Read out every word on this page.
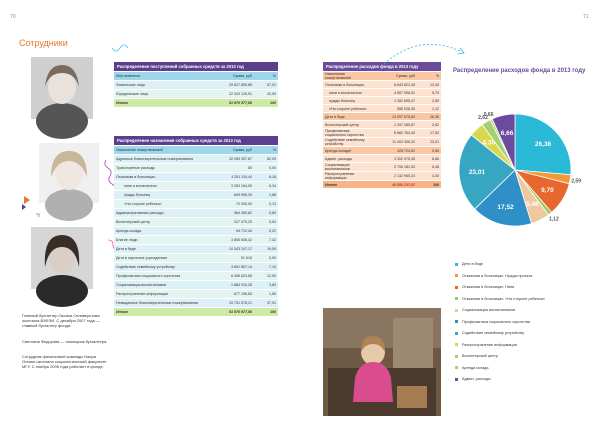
70	71
Сотрудники
Главный бухгалтер Оксана Селиверстова окончила ВЗФЭИ. С декабря 2007 года — главный бухгалтер фонда.
Светлана Федорова — помощник бухгалтера.
Сотрудник финансовой команды Наира Оганян окончила социологический факультет МГУ. С ноября 2008 года работает в фонде.
Распределение поступлений собранных средств за 2013 год		
Жертвователи	Сумма, руб	%
Физические лица	29 627 850,85	57,01
Юридические лица	22 343 126,91	42,99
Итого	51 970 977,88	100
Распределение назначения собранных средств за 2013 год		
Назначение пожертвований	Сумма, руб	%
Адресные благотворительные пожертвования	32 269 397,67	62,09
Транспортные расходы	50	0,00
Отказники в больницах:	4 251 119,44	8,18
няни и воспитатели	3 283 164,05	6,34
нужды больниц	649 955,39	1,68
«На стороне ребенка»	70 000,00	0,13
Административные расходы	464 450,82	0,89
Волонтерский центр	327 070,25	0,63
Аренда склада	94 712,40	0,22
Благие люди	3 855 636,42	7,42
Дети в беде	10 343 247,17	19,09
Дети в сиротских учреждениях	51 515	0,00
Содействие семейному устройству	3 691 807,14	7,10
Профилактика социального сиротства	6 496 623,69	12,50
Социализация воспитанников	1 684 910,26	3,63
Распространение информации	677 196,63	1,69
Невыданные благотворительные пожертвования	19 701 578,21	37,91
Итого	51 970 977,88	100
Распределение расходов фонда в 2013 году		
Назначение пожертвований	Сумма, руб	%
Отказники в больницах:	6 643 622,28	13,40
няни и воспитатели	4 807 096,51	9,70
нужды больниц	1 281 695,47	2,59
«На стороне ребенка»	555 028,30	1,12
Дети в беде	13 057 675,69	26,36
Волонтерский центр	1 297 280,87	2,62
Профилактика социального сиротства	8 682 764,40	17,52
Содействие семейному устройству	11 403 306,32	23,01
Аренда склада*	328 724,62	0,66
Админ. расходы	3 302 975,35	6,66
Социализация воспитанников	2 706 181,53	5,46
Распространение информации	2 132 960,23	4,30
Итого	49 556 237,87	100
Распределение расходов фонда в 2013 году
26,36
2,59
9,70
1,12
5,46
17,52
23,01
4,30
2,62
0,66
6,66
Дети в беде
Отказники в больницах. Нужды проекта
Отказники в больницах. Няни
Отказники в больницах. «На стороне ребенка»
Социализация воспитанников
Профилактика социального сиротства
Содействие семейному устройству
Распространение информации
Волонтерский центр
Аренда склада
Админ. расходы
